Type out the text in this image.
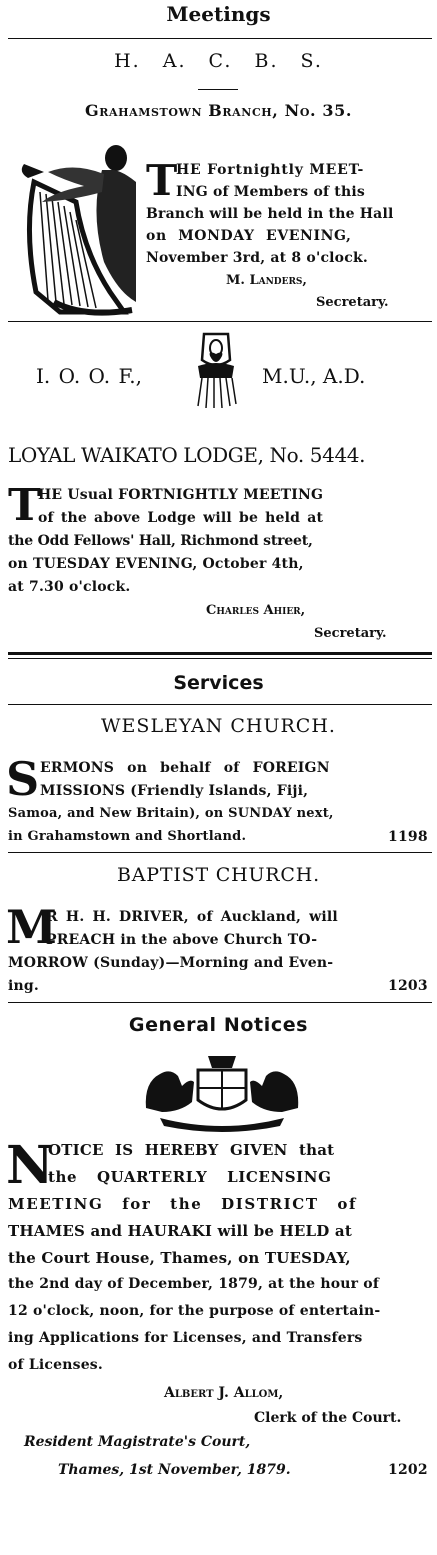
Meetings
H. A. C. B. S.
Grahamstown Branch, No. 35.
T
HE Fortnightly MEET-
ING of Members of this
Branch will be held in the Hall
on MONDAY EVENING,
November 3rd, at 8 o'clock.
M. Landers,
Secretary.
I. O. O. F.,	M.U., A.D.
LOYAL WAIKATO LODGE, No. 5444.
T
HE Usual FORTNIGHTLY MEETING
of the above Lodge will be held at
the Odd Fellows' Hall, Richmond street,
on TUESDAY EVENING, October 4th,
at 7.30 o'clock.
Charles Ahier,
Secretary.
Services
WESLEYAN CHURCH.
S ERMONS on behalf of FOREIGN
MISSIONS (Friendly Islands, Fiji,
Samoa, and New Britain), on SUNDAY next,
in Grahamstown and Shortland.	1198
BAPTIST CHURCH.
M
R H. H. DRIVER, of Auckland, will
PREACH in the above Church TO-
MORROW (Sunday)—Morning and Even-
ing.	1203
General Notices
N
OTICE IS HEREBY GIVEN that
the QUARTERLY LICENSING
MEETING for the DISTRICT of
THAMES and HAURAKI will be HELD at
the Court House, Thames, on TUESDAY,
the 2nd day of December, 1879, at the hour of
12 o'clock, noon, for the purpose of entertain-
ing Applications for Licenses, and Transfers
of Licenses.
Albert J. Allom,
Clerk of the Court.
Resident Magistrate's Court,
Thames, 1st November, 1879.	1202
